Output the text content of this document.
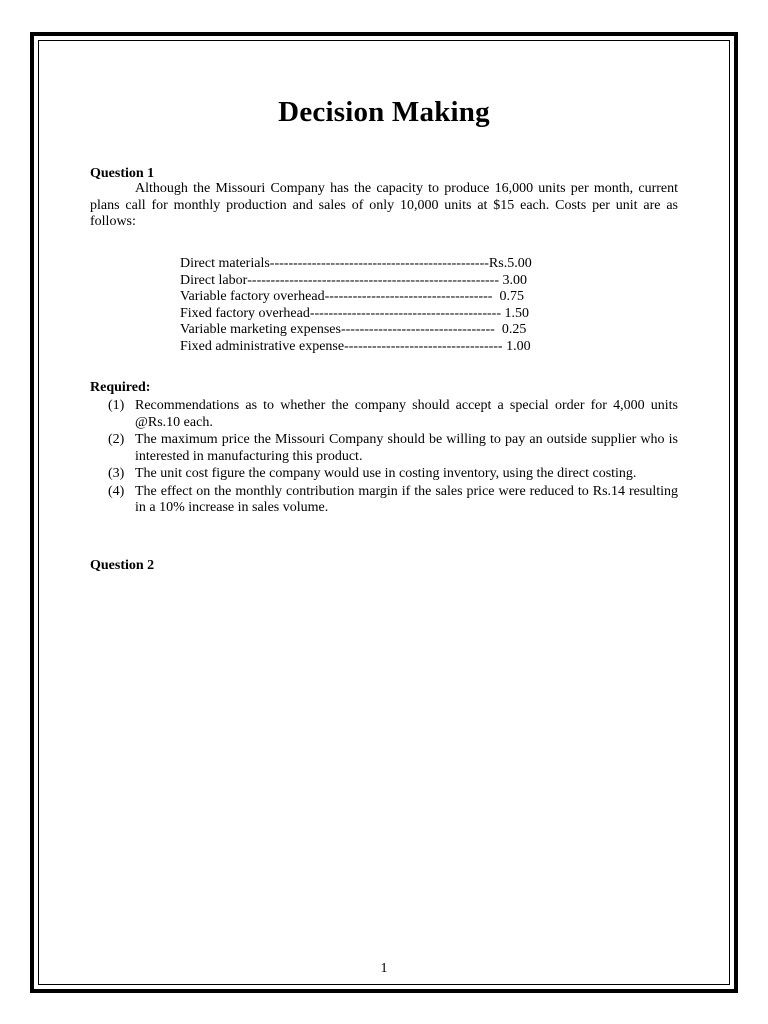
Decision Making

Question 1

Although the Missouri Company has the capacity to produce 16,000 units per month, current plans call for monthly production and sales of only 10,000 units at $15 each. Costs per unit are as follows:

Direct materials ----------------------------------------------- Rs.5.00
Direct labor ------------------------------------------------------ 3.00
Variable factory overhead ------------------------------------ 0.75
Fixed factory overhead ----------------------------------------- 1.50
Variable marketing expenses --------------------------------- 0.25
Fixed administrative expense ---------------------------------- 1.00

Required:

(1) Recommendations as to whether the company should accept a special order for 4,000 units @Rs.10 each.
(2) The maximum price the Missouri Company should be willing to pay an outside supplier who is interested in manufacturing this product.
(3) The unit cost figure the company would use in costing inventory, using the direct costing.
(4) The effect on the monthly contribution margin if the sales price were reduced to Rs.14 resulting in a 10% increase in sales volume.

Question 2

1
